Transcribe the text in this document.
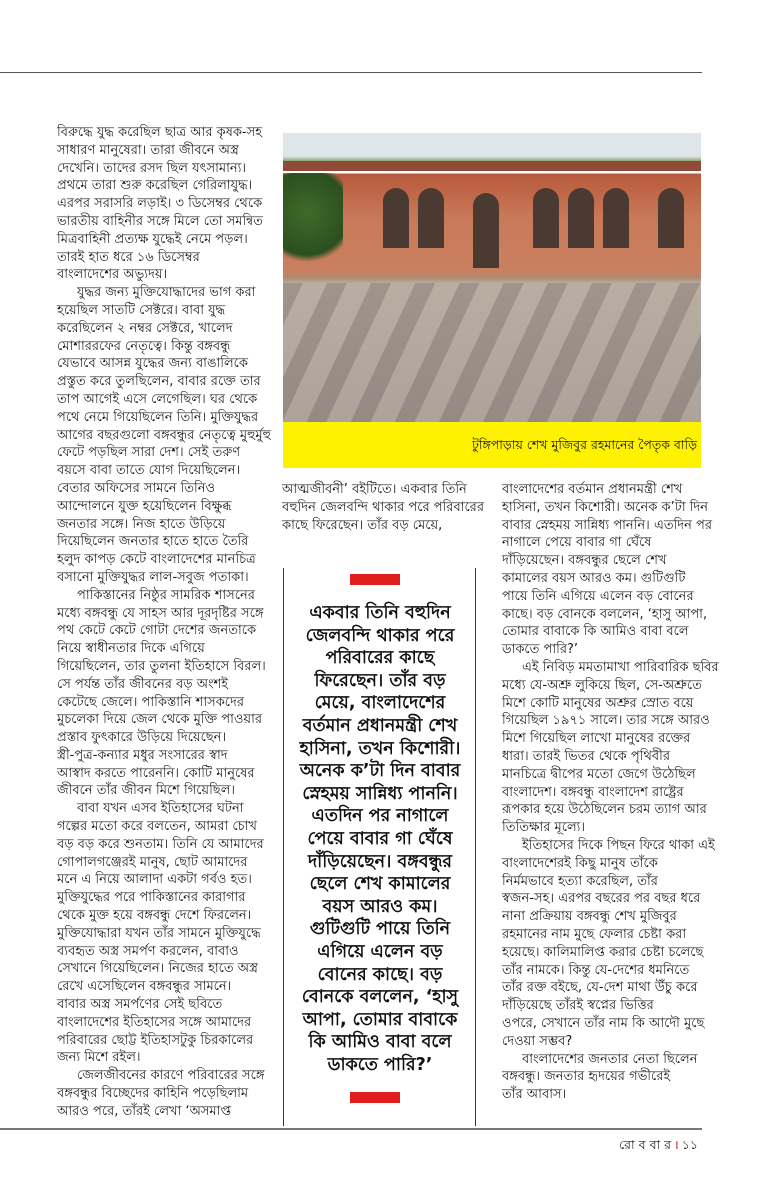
বিরুদ্ধে যুদ্ধ করেছিল ছাত্র আর কৃষক-সহ
সাধারণ মানুষেরা। তারা জীবনে অস্ত্র
দেখেনি। তাদের রসদ ছিল যৎসামান্য।
প্রথমে তারা শুরু করেছিল গেরিলাযুদ্ধ।
এরপর সরাসরি লড়াই। ৩ ডিসেম্বর থেকে
ভারতীয় বাহিনীর সঙ্গে মিলে তো সমন্বিত
মিত্রবাহিনী প্রত্যক্ষ যুদ্ধেই নেমে পড়ল।
তারই হাত ধরে ১৬ ডিসেম্বর
বাংলাদেশের অভ্যুদয়।
যুদ্ধর জন্য মুক্তিযোদ্ধাদের ভাগ করা
হয়েছিল সাতটি সেক্টরে। বাবা যুদ্ধ
করেছিলেন ২ নম্বর সেক্টরে, খালেদ
মোশাররফের নেতৃত্বে। কিন্তু বঙ্গবন্ধু
যেভাবে আসন্ন যুদ্ধের জন্য বাঙালিকে
প্রস্তুত করে তুলছিলেন, বাবার রক্তে তার
তাপ আগেই এসে লেগেছিল। ঘর থেকে
পথে নেমে গিয়েছিলেন তিনি। মুক্তিযুদ্ধর
আগের বছরগুলো বঙ্গবন্ধুর নেতৃত্বে মুহুর্মুহু
ফেটে পড়ছিল সারা দেশ। সেই তরুণ
বয়সে বাবা তাতে যোগ দিয়েছিলেন।
বেতার অফিসের সামনে তিনিও
আন্দোলনে যুক্ত হয়েছিলেন বিক্ষুব্ধ
জনতার সঙ্গে। নিজ হাতে উড়িয়ে
দিয়েছিলেন জনতার হাতে হাতে তৈরি
হলুদ কাপড় কেটে বাংলাদেশের মানচিত্র
বসানো মুক্তিযুদ্ধর লাল-সবুজ পতাকা।
পাকিস্তানের নিষ্ঠুর সামরিক শাসনের
মধ্যে বঙ্গবন্ধু যে সাহস আর দূরদৃষ্টির সঙ্গে
পথ কেটে কেটে গোটা দেশের জনতাকে
নিয়ে স্বাধীনতার দিকে এগিয়ে
গিয়েছিলেন, তার তুলনা ইতিহাসে বিরল।
সে পর্যন্ত তাঁর জীবনের বড় অংশই
কেটেছে জেলে। পাকিস্তানি শাসকদের
মুচলেকা দিয়ে জেল থেকে মুক্তি পাওয়ার
প্রস্তাব ফুৎকারে উড়িয়ে দিয়েছেন।
স্ত্রী-পুত্র-কন্যার মধুর সংসারের স্বাদ
আস্বাদ করতে পারেননি। কোটি মানুষের
জীবনে তাঁর জীবন মিশে গিয়েছিল।
বাবা যখন এসব ইতিহাসের ঘটনা
গল্পের মতো করে বলতেন, আমরা চোখ
বড় বড় করে শুনতাম। তিনি যে আমাদের
গোপালগঞ্জেরই মানুষ, ছোট আমাদের
মনে এ নিয়ে আলাদা একটা গর্বও হত।
মুক্তিযুদ্ধের পরে পাকিস্তানের কারাগার
থেকে মুক্ত হয়ে বঙ্গবন্ধু দেশে ফিরলেন।
মুক্তিযোদ্ধারা যখন তাঁর সামনে মুক্তিযুদ্ধে
ব্যবহৃত অস্ত্র সমর্পণ করলেন, বাবাও
সেখানে গিয়েছিলেন। নিজের হাতে অস্ত্র
রেখে এসেছিলেন বঙ্গবন্ধুর সামনে।
বাবার অস্ত্র সমর্পণের সেই ছবিতে
বাংলাদেশের ইতিহাসের সঙ্গে আমাদের
পরিবারের ছোট্ট ইতিহাসটুকু চিরকালের
জন্য মিশে রইল।
জেলজীবনের কারণে পরিবারের সঙ্গে
বঙ্গবন্ধুর বিচ্ছেদের কাহিনি পড়েছিলাম
আরও পরে, তাঁরই লেখা ‘অসমাপ্ত
টুঙ্গিপাড়ায় শেখ মুজিবুর রহমানের পৈতৃক বাড়ি
আত্মজীবনী’ বইটিতে। একবার তিনি
বহুদিন জেলবন্দি থাকার পরে পরিবারের
কাছে ফিরেছেন। তাঁর বড় মেয়ে,
একবার তিনি বহুদিন
জেলবন্দি থাকার পরে
পরিবারের কাছে
ফিরেছেন। তাঁর বড়
মেয়ে, বাংলাদেশের
বর্তমান প্রধানমন্ত্রী শেখ
হাসিনা, তখন কিশোরী।
অনেক ক’টা দিন বাবার
স্নেহময় সান্নিধ্য পাননি।
এতদিন পর নাগালে
পেয়ে বাবার গা ঘেঁষে
দাঁড়িয়েছেন। বঙ্গবন্ধুর
ছেলে শেখ কামালের
বয়স আরও কম।
গুটিগুটি পায়ে তিনি
এগিয়ে এলেন বড়
বোনের কাছে। বড়
বোনকে বললেন, ‘হাসু
আপা, তোমার বাবাকে
কি আমিও বাবা বলে
ডাকতে পারি?’
বাংলাদেশের বর্তমান প্রধানমন্ত্রী শেখ
হাসিনা, তখন কিশোরী। অনেক ক’টা দিন
বাবার স্নেহময় সান্নিধ্য পাননি। এতদিন পর
নাগালে পেয়ে বাবার গা ঘেঁষে
দাঁড়িয়েছেন। বঙ্গবন্ধুর ছেলে শেখ
কামালের বয়স আরও কম। গুটিগুটি
পায়ে তিনি এগিয়ে এলেন বড় বোনের
কাছে। বড় বোনকে বললেন, ‘হাসু আপা,
তোমার বাবাকে কি আমিও বাবা বলে
ডাকতে পারি?’
এই নিবিড় মমতামাখা পারিবারিক ছবির
মধ্যে যে-অশ্রু লুকিয়ে ছিল, সে-অশ্রুতে
মিশে কোটি মানুষের অশ্রুর স্রোত বয়ে
গিয়েছিল ১৯৭১ সালে। তার সঙ্গে আরও
মিশে গিয়েছিল লাখো মানুষের রক্তের
ধারা। তারই ভিতর থেকে পৃথিবীর
মানচিত্রে দ্বীপের মতো জেগে উঠেছিল
বাংলাদেশ। বঙ্গবন্ধু বাংলাদেশ রাষ্ট্রের
রূপকার হয়ে উঠেছিলেন চরম ত্যাগ আর
তিতিক্ষার মূল্যে।
ইতিহাসের দিকে পিছন ফিরে থাকা এই
বাংলাদেশেরই কিছু মানুষ তাঁকে
নির্মমভাবে হত্যা করেছিল, তাঁর
স্বজন-সহ। এরপর বছরের পর বছর ধরে
নানা প্রক্রিয়ায় বঙ্গবন্ধু শেখ মুজিবুর
রহমানের নাম মুছে ফেলার চেষ্টা করা
হয়েছে। কালিমালিপ্ত করার চেষ্টা চলেছে
তাঁর নামকে। কিন্তু যে-দেশের ধমনিতে
তাঁর রক্ত বইছে, যে-দেশ মাথা উঁচু করে
দাঁড়িয়েছে তাঁরই স্বপ্নের ভিত্তির
ওপরে, সেখানে তাঁর নাম কি আদৌ মুছে
দেওয়া সম্ভব?
বাংলাদেশের জনতার নেতা ছিলেন
বঙ্গবন্ধু। জনতার হৃদয়ের গভীরেই
তাঁর আবাস।
রো ব বা র । ১১
